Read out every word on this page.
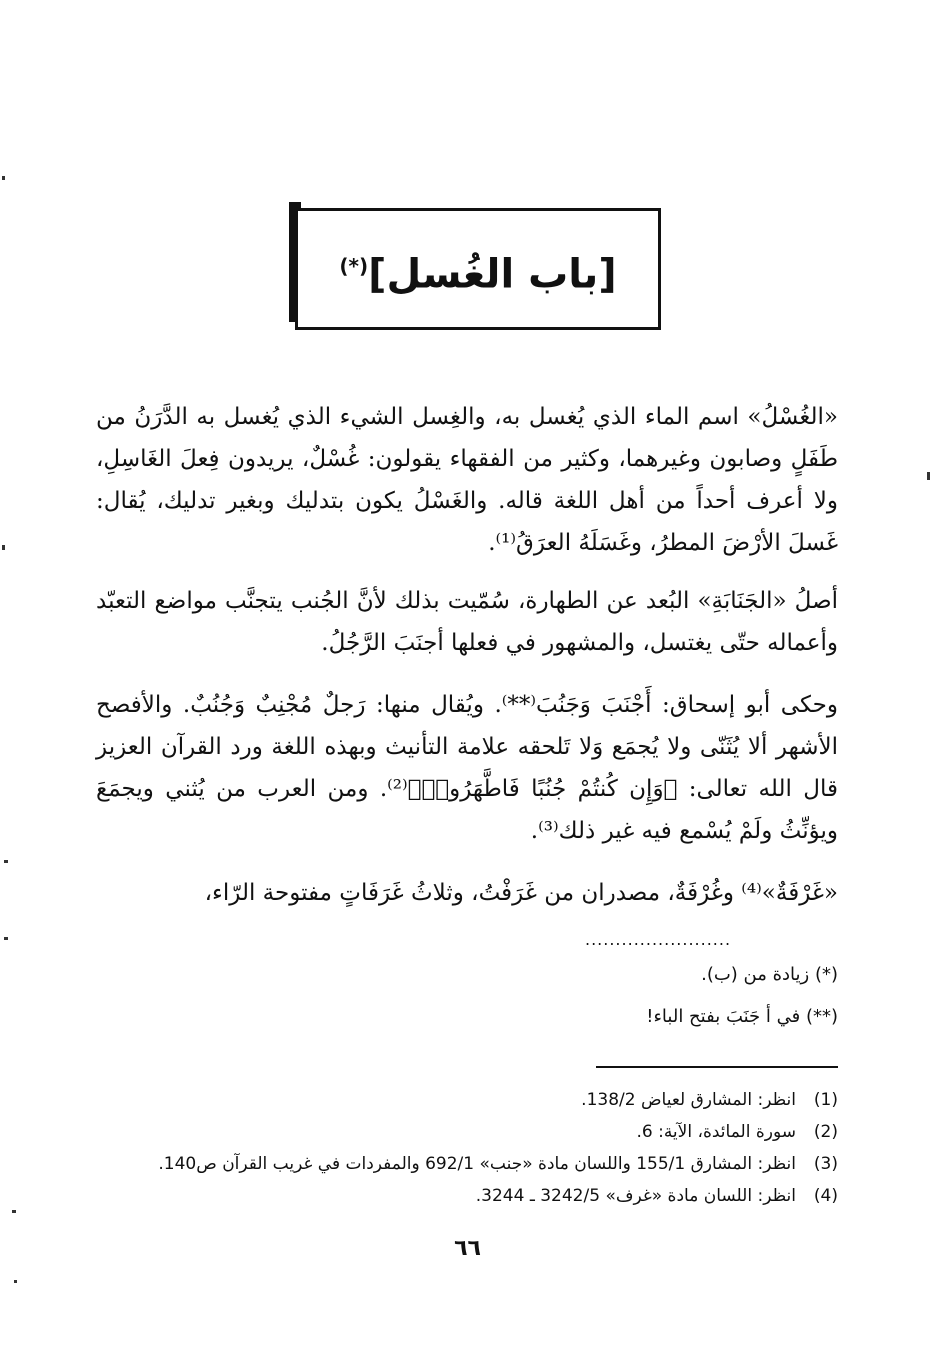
[باب الغُسل](*)
«الغُسْلُ» اسم الماء الذي يُغسل به، والغِسل الشيء الذي يُغسل به الدَّرَنُ من طَفَلٍ وصابون وغيرهما، وكثير من الفقهاء يقولون: غُسْلٌ، يريدون فِعلَ الغَاسِلِ، ولا أعرف أحداً من أهل اللغة قاله. والغَسْلُ يكون بتدليك وبغير تدليك، يُقال: غَسلَ الأرْضَ المطرُ، وغَسَلَهُ العرَقُ⁽¹⁾.
أصلُ «الجَنَابَةِ» البُعد عن الطهارة، سُمّيت بذلك لأنَّ الجُنب يتجنَّب مواضع التعبّد وأعماله حتّى يغتسل، والمشهور في فعلها أجنَبَ الرَّجُلُ.
وحكى أبو إسحاق: أَجْنَبَ وَجَنُبَ⁽**⁾. ويُقال منها: رَجلٌ مُجْنِبٌ وَجُنُبٌ. والأفصح الأشهر ألا يُثَنّى ولا يُجمَع وَلا تَلحقه علامة التأنيث وبهذه اللغة ورد القرآن العزيز قال الله تعالى: ﴿وَإِن كُنتُمْ جُنُبًا فَاطَّهَرُوا۟﴾⁽²⁾. ومن العرب من يُثني ويجمَعَ ويؤنِّثُ ولَمْ يُسْمع فيه غير ذلك⁽³⁾.
«غَرْفَةٌ»⁽⁴⁾ وغُرْفَةٌ، مصدران من غَرَفْتُ، وثلاثُ غَرَفَاتٍ مفتوحة الرّاء،
........................
(*) زيادة من (ب).
(**) في أ جَنَبَ بفتح الباء!
(1)
انظر: المشارق لعياض 138/2.
(2)
سورة المائدة، الآية: 6.
(3)
انظر: المشارق 155/1 واللسان مادة «جنب» 692/1 والمفردات في غريب القرآن ص140.
(4)
انظر: اللسان مادة «غرف» 3242/5 ـ 3244.
٦٦
